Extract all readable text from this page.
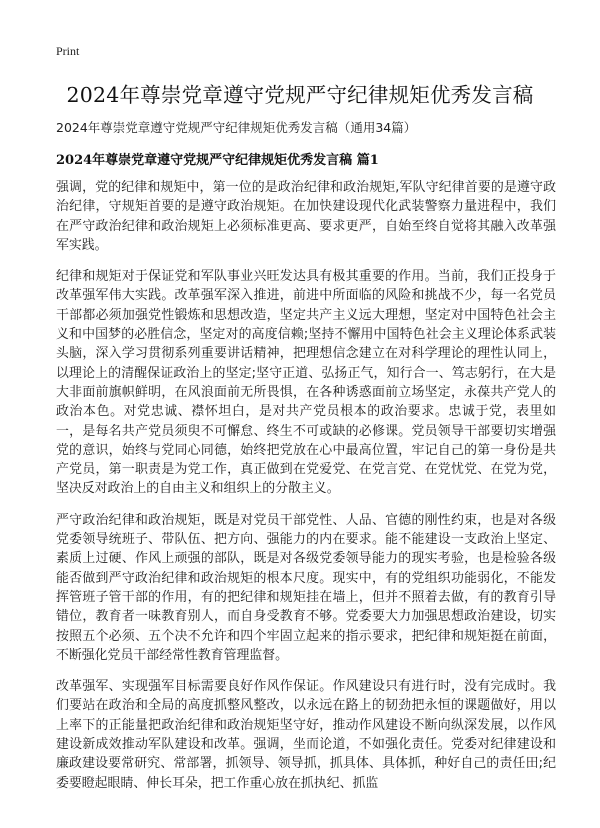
Print
2024年尊崇党章遵守党规严守纪律规矩优秀发言稿
2024年尊崇党章遵守党规严守纪律规矩优秀发言稿（通用34篇）
2024年尊崇党章遵守党规严守纪律规矩优秀发言稿 篇1

强调，党的纪律和规矩中，第一位的是政治纪律和政治规矩,军队守纪律首要的是遵守政治纪律，守规矩首要的是遵守政治规矩。在加快建设现代化武装警察力量进程中，我们在严守政治纪律和政治规矩上必须标准更高、要求更严，自始至终自觉将其融入改革强军实践。

纪律和规矩对于保证党和军队事业兴旺发达具有极其重要的作用。当前，我们正投身于改革强军伟大实践。改革强军深入推进，前进中所面临的风险和挑战不少，每一名党员干部都必须加强党性锻炼和思想改造，坚定共产主义远大理想，坚定对中国特色社会主义和中国梦的必胜信念，坚定对的高度信赖;坚持不懈用中国特色社会主义理论体系武装头脑，深入学习贯彻系列重要讲话精神，把理想信念建立在对科学理论的理性认同上，以理论上的清醒保证政治上的坚定;坚守正道、弘扬正气，知行合一、笃志躬行，在大是大非面前旗帜鲜明，在风浪面前无所畏惧，在各种诱惑面前立场坚定，永葆共产党人的政治本色。对党忠诚、襟怀坦白，是对共产党员根本的政治要求。忠诚于党，表里如一，是每名共产党员须臾不可懈怠、终生不可或缺的必修课。党员领导干部要切实增强党的意识，始终与党同心同德，始终把党放在心中最高位置，牢记自己的第一身份是共产党员，第一职责是为党工作，真正做到在党爱党、在党言党、在党忧党、在党为党，坚决反对政治上的自由主义和组织上的分散主义。

严守政治纪律和政治规矩，既是对党员干部党性、人品、官德的刚性约束，也是对各级党委领导统班子、带队伍、把方向、强能力的内在要求。能不能建设一支政治上坚定、素质上过硬、作风上顽强的部队，既是对各级党委领导能力的现实考验，也是检验各级能否做到严守政治纪律和政治规矩的根本尺度。现实中，有的党组织功能弱化，不能发挥管班子管干部的作用，有的把纪律和规矩挂在墙上，但并不照着去做，有的教育引导错位，教育者一味教育别人，而自身受教育不够。党委要大力加强思想政治建设，切实按照五个必须、五个决不允许和四个牢固立起来的指示要求，把纪律和规矩挺在前面，不断强化党员干部经常性教育管理监督。

改革强军、实现强军目标需要良好作风作保证。作风建设只有进行时，没有完成时。我们要站在政治和全局的高度抓整风整改，以永远在路上的韧劲把永恒的课题做好，用以上率下的正能量把政治纪律和政治规矩坚守好，推动作风建设不断向纵深发展，以作风建设新成效推动军队建设和改革。强调，坐而论道，不如强化责任。党委对纪律建设和廉政建设要常研究、常部署，抓领导、领导抓，抓具体、具体抓，种好自己的责任田;纪委要瞪起眼睛、伸长耳朵，把工作重心放在抓执纪、抓监
